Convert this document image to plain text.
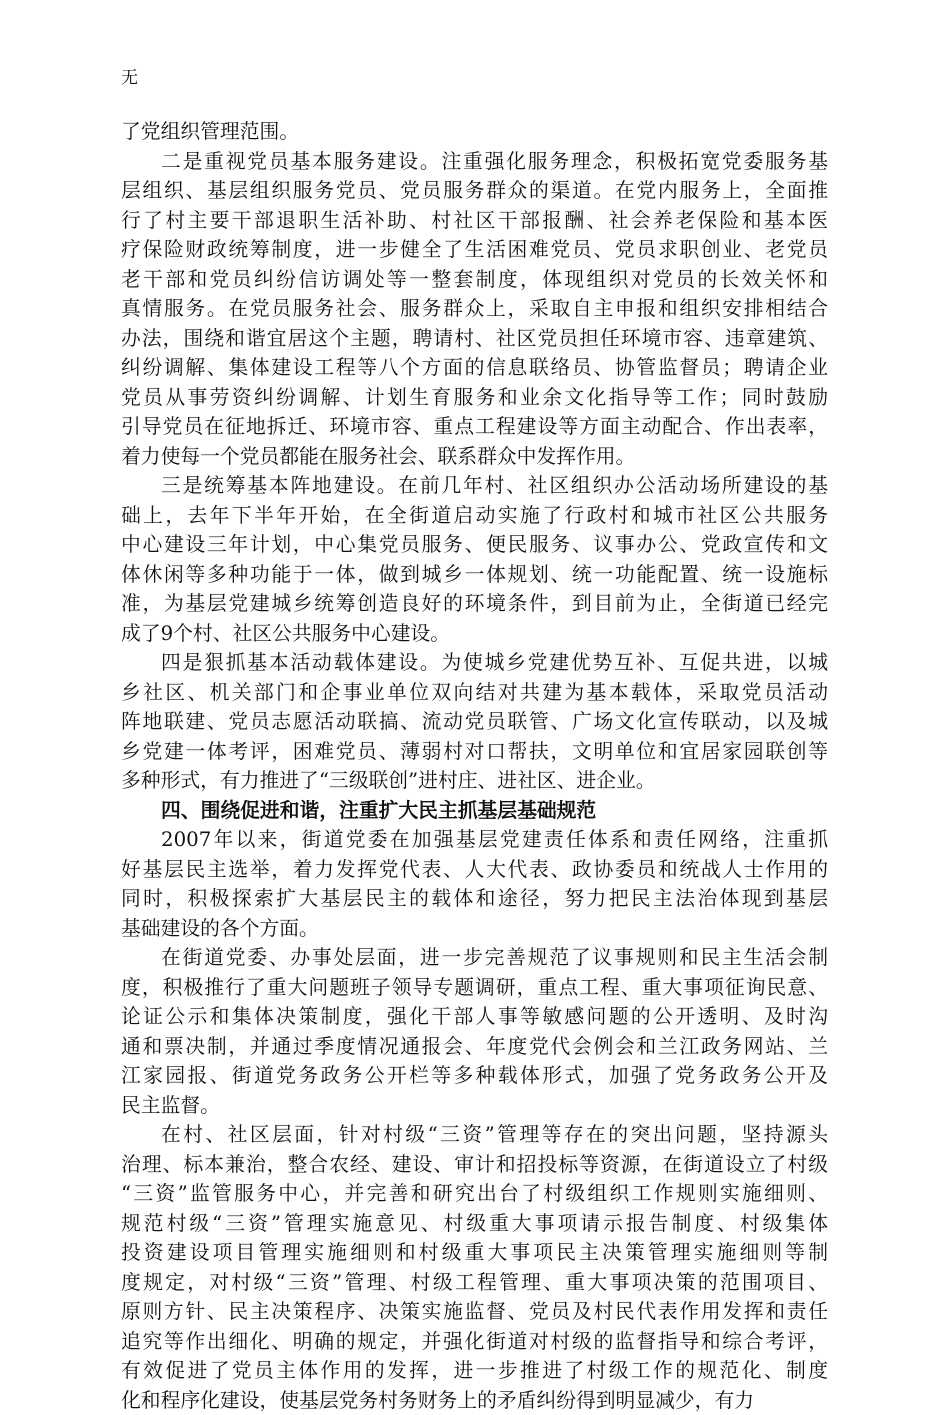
无
了党组织管理范围。
二是重视党员基本服务建设。注重强化服务理念，积极拓宽党委服务基
层组织、基层组织服务党员、党员服务群众的渠道。在党内服务上，全面推
行了村主要干部退职生活补助、村社区干部报酬、社会养老保险和基本医
疗保险财政统筹制度，进一步健全了生活困难党员、党员求职创业、老党员
老干部和党员纠纷信访调处等一整套制度，体现组织对党员的长效关怀和
真情服务。在党员服务社会、服务群众上，采取自主申报和组织安排相结合
办法，围绕和谐宜居这个主题，聘请村、社区党员担任环境市容、违章建筑、
纠纷调解、集体建设工程等八个方面的信息联络员、协管监督员；聘请企业
党员从事劳资纠纷调解、计划生育服务和业余文化指导等工作；同时鼓励
引导党员在征地拆迁、环境市容、重点工程建设等方面主动配合、作出表率，
着力使每一个党员都能在服务社会、联系群众中发挥作用。
三是统筹基本阵地建设。在前几年村、社区组织办公活动场所建设的基
础上，去年下半年开始，在全街道启动实施了行政村和城市社区公共服务
中心建设三年计划，中心集党员服务、便民服务、议事办公、党政宣传和文
体休闲等多种功能于一体，做到城乡一体规划、统一功能配置、统一设施标
准，为基层党建城乡统筹创造良好的环境条件，到目前为止，全街道已经完
成了9个村、社区公共服务中心建设。
四是狠抓基本活动载体建设。为使城乡党建优势互补、互促共进，以城
乡社区、机关部门和企事业单位双向结对共建为基本载体，采取党员活动
阵地联建、党员志愿活动联搞、流动党员联管、广场文化宣传联动，以及城
乡党建一体考评，困难党员、薄弱村对口帮扶，文明单位和宜居家园联创等
多种形式，有力推进了“三级联创”进村庄、进社区、进企业。
四、围绕促进和谐，注重扩大民主抓基层基础规范
2007年以来，街道党委在加强基层党建责任体系和责任网络，注重抓
好基层民主选举，着力发挥党代表、人大代表、政协委员和统战人士作用的
同时，积极探索扩大基层民主的载体和途径，努力把民主法治体现到基层
基础建设的各个方面。
在街道党委、办事处层面，进一步完善规范了议事规则和民主生活会制
度，积极推行了重大问题班子领导专题调研，重点工程、重大事项征询民意、
论证公示和集体决策制度，强化干部人事等敏感问题的公开透明、及时沟
通和票决制，并通过季度情况通报会、年度党代会例会和兰江政务网站、兰
江家园报、街道党务政务公开栏等多种载体形式，加强了党务政务公开及
民主监督。
在村、社区层面，针对村级“三资”管理等存在的突出问题，坚持源头
治理、标本兼治，整合农经、建设、审计和招投标等资源，在街道设立了村级
“三资”监管服务中心，并完善和研究出台了村级组织工作规则实施细则、
规范村级“三资”管理实施意见、村级重大事项请示报告制度、村级集体
投资建设项目管理实施细则和村级重大事项民主决策管理实施细则等制
度规定，对村级“三资”管理、村级工程管理、重大事项决策的范围项目、
原则方针、民主决策程序、决策实施监督、党员及村民代表作用发挥和责任
追究等作出细化、明确的规定，并强化街道对村级的监督指导和综合考评，
有效促进了党员主体作用的发挥，进一步推进了村级工作的规范化、制度
化和程序化建设，使基层党务村务财务上的矛盾纠纷得到明显减少，有力
